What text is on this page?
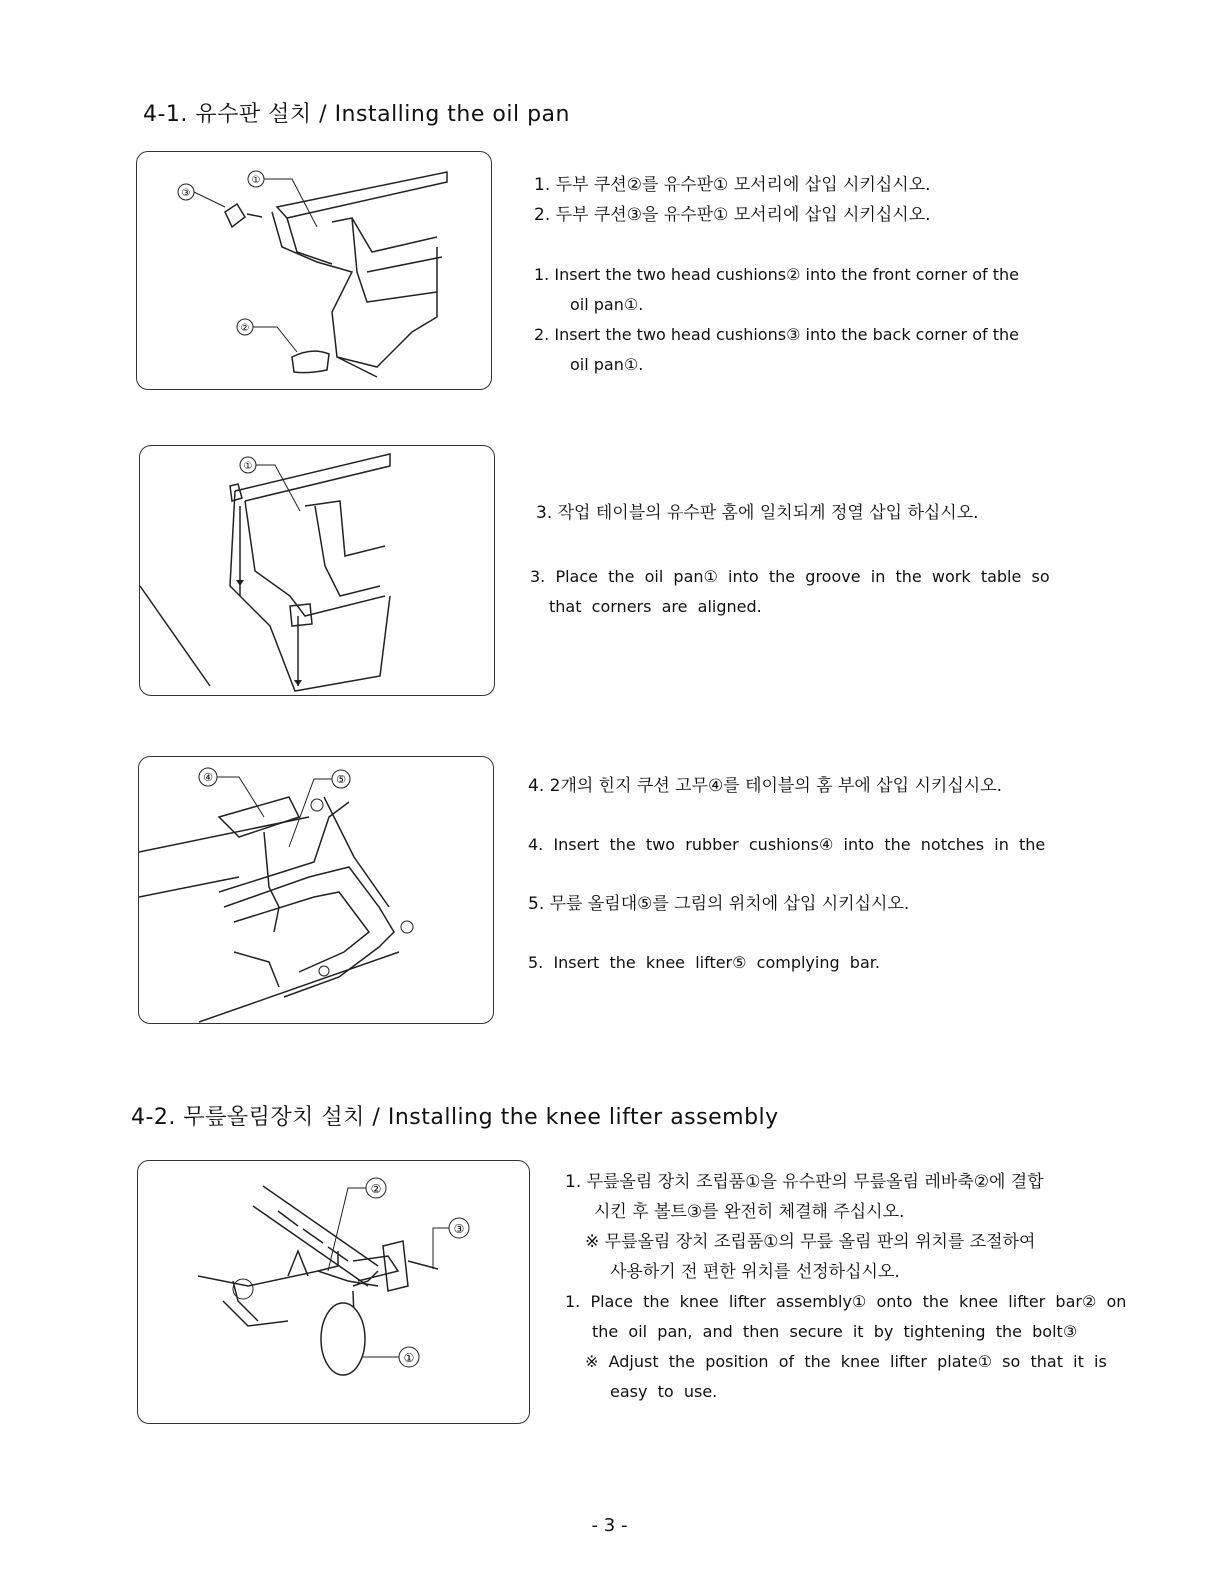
4-1. 유수판 설치 / Installing the oil pan
③
①
②
1. 두부 쿠션②를 유수판① 모서리에 삽입 시키십시오.
2. 두부 쿠션③을 유수판① 모서리에 삽입 시키십시오.
1. Insert the two head cushions② into the front corner of the
oil pan①.
2. Insert the two head cushions③ into the back corner of the
oil pan①.
①
3. 작업 테이블의 유수판 홈에 일치되게 정열 삽입 하십시오.
3.  Place  the  oil  pan①  into  the  groove  in  the  work  table  so
that  corners  are  aligned.
④	⑤	4. 2개의 힌지 쿠션 고무④를 테이블의 홈 부에 삽입 시키십시오.
4.  Insert  the  two  rubber  cushions④  into  the  notches  in  the
5. 무릎 올림대⑤를 그림의 위치에 삽입 시키십시오.
5.  Insert  the  knee  lifter⑤  complying  bar.
4-2. 무릎올림장치 설치 / Installing the knee lifter assembly
②
③
①
1. 무릎올림 장치 조립품①을 유수판의 무릎올림 레바축②에 결합
시킨 후 볼트③를 완전히 체결해 주십시오.
※ 무릎올림 장치 조립품①의 무릎 올림 판의 위치를 조절하여
사용하기 전 편한 위치를 선정하십시오.
1.  Place  the  knee  lifter  assembly①  onto  the  knee  lifter  bar②  on
the  oil  pan,  and  then  secure  it  by  tightening  the  bolt③
※  Adjust  the  position  of  the  knee  lifter  plate①  so  that  it  is
easy  to  use.
- 3 -
